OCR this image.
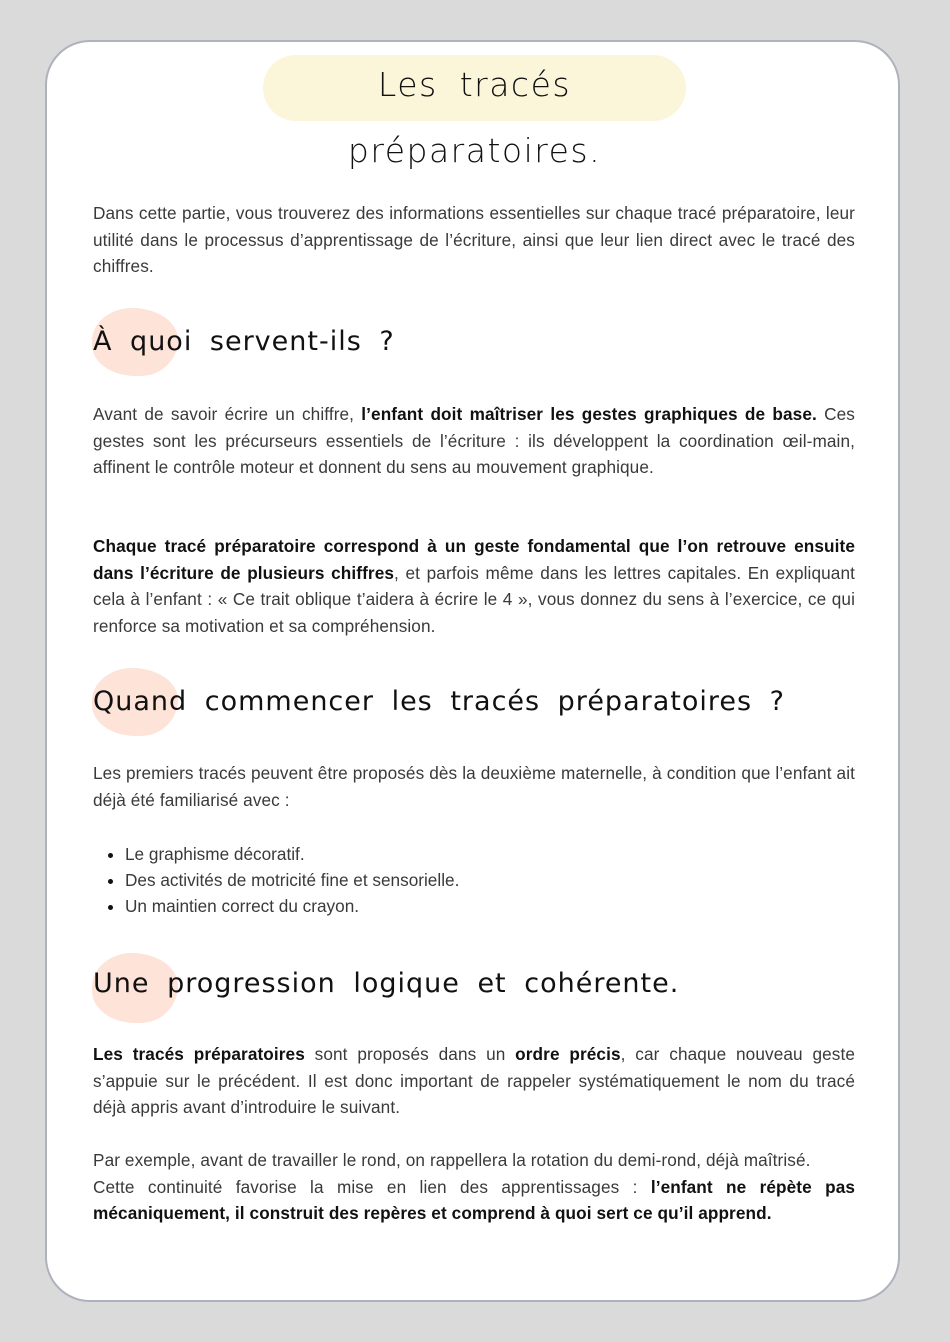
Les tracés préparatoires.

Dans cette partie, vous trouverez des informations essentielles sur chaque tracé préparatoire, leur utilité dans le processus d’apprentissage de l’écriture, ainsi que leur lien direct avec le tracé des chiffres.

À quoi servent-ils ?

Avant de savoir écrire un chiffre, l’enfant doit maîtriser les gestes graphiques de base. Ces gestes sont les précurseurs essentiels de l’écriture : ils développent la coordination œil-main, affinent le contrôle moteur et donnent du sens au mouvement graphique.

Chaque tracé préparatoire correspond à un geste fondamental que l’on retrouve ensuite dans l’écriture de plusieurs chiffres, et parfois même dans les lettres capitales. En expliquant cela à l’enfant : « Ce trait oblique t’aidera à écrire le 4 », vous donnez du sens à l’exercice, ce qui renforce sa motivation et sa compréhension.

Quand commencer les tracés préparatoires ?

Les premiers tracés peuvent être proposés dès la deuxième maternelle, à condition que l’enfant ait déjà été familiarisé avec :

• Le graphisme décoratif.
• Des activités de motricité fine et sensorielle.
• Un maintien correct du crayon.
Une progression logique et cohérente.

Les tracés préparatoires sont proposés dans un ordre précis, car chaque nouveau geste s’appuie sur le précédent. Il est donc important de rappeler systématiquement le nom du tracé déjà appris avant d’introduire le suivant.

Par exemple, avant de travailler le rond, on rappellera la rotation du demi-rond, déjà maîtrisé.
Cette continuité favorise la mise en lien des apprentissages : l’enfant ne répète pas mécaniquement, il construit des repères et comprend à quoi sert ce qu’il apprend.
